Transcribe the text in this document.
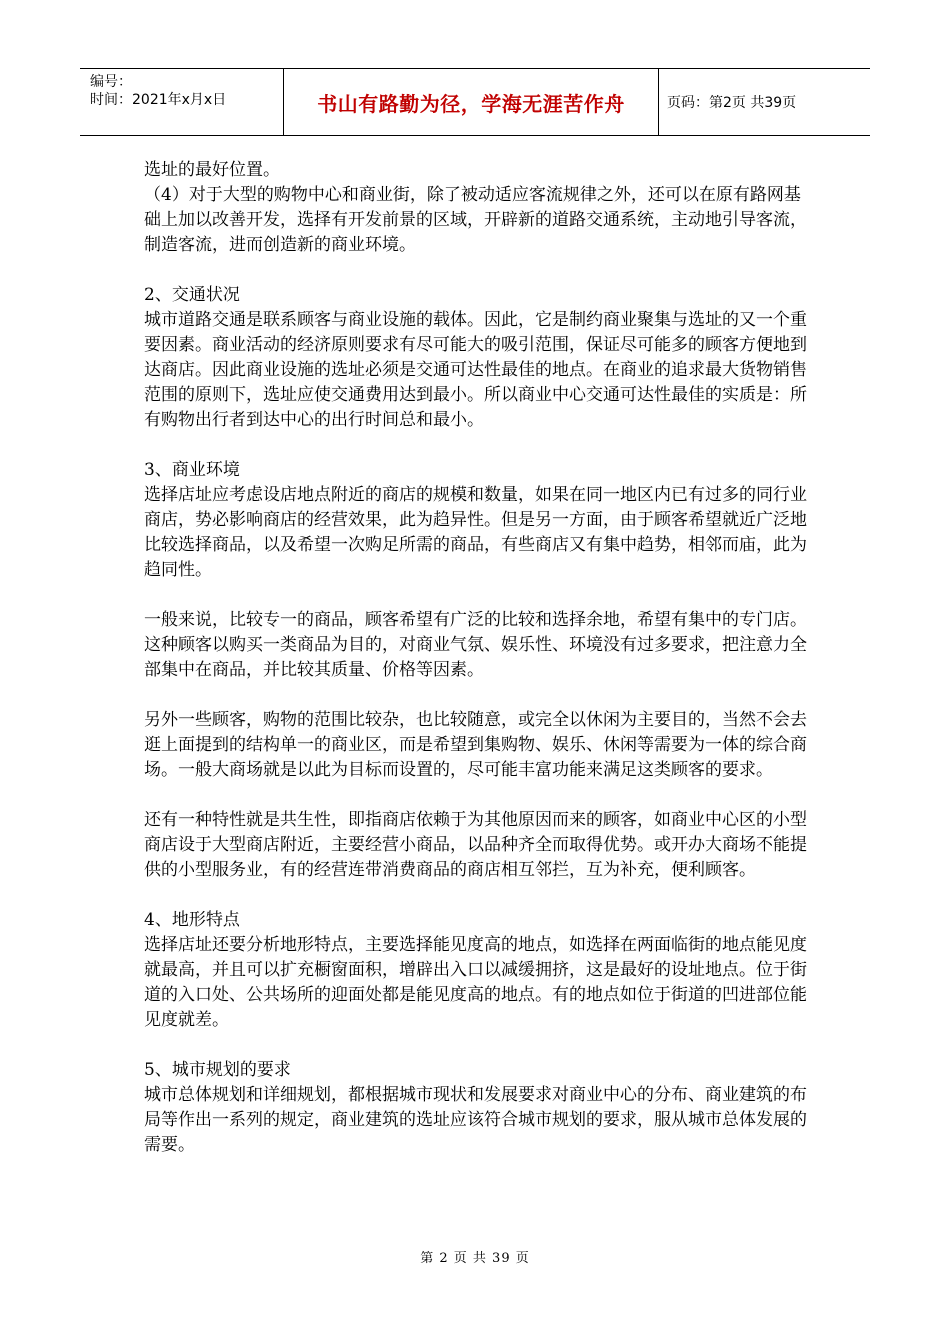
编号：
时间：2021年x月x日	书山有路勤为径，学海无涯苦作舟	页码：第2页 共39页

选址的最好位置。

（4）对于大型的购物中心和商业街，除了被动适应客流规律之外，还可以在原有路网基础上加以改善开发，选择有开发前景的区域，开辟新的道路交通系统，主动地引导客流，制造客流，进而创造新的商业环境。

2、交通状况

城市道路交通是联系顾客与商业设施的载体。因此，它是制约商业聚集与选址的又一个重要因素。商业活动的经济原则要求有尽可能大的吸引范围，保证尽可能多的顾客方便地到达商店。因此商业设施的选址必须是交通可达性最佳的地点。在商业的追求最大货物销售范围的原则下，选址应使交通费用达到最小。所以商业中心交通可达性最佳的实质是：所有购物出行者到达中心的出行时间总和最小。

3、商业环境

选择店址应考虑设店地点附近的商店的规模和数量，如果在同一地区内已有过多的同行业商店，势必影响商店的经营效果，此为趋异性。但是另一方面，由于顾客希望就近广泛地比较选择商品，以及希望一次购足所需的商品，有些商店又有集中趋势，相邻而庙，此为趋同性。

一般来说，比较专一的商品，顾客希望有广泛的比较和选择余地，希望有集中的专门店。这种顾客以购买一类商品为目的，对商业气氛、娱乐性、环境没有过多要求，把注意力全部集中在商品，并比较其质量、价格等因素。

另外一些顾客，购物的范围比较杂，也比较随意，或完全以休闲为主要目的，当然不会去逛上面提到的结构单一的商业区，而是希望到集购物、娱乐、休闲等需要为一体的综合商场。一般大商场就是以此为目标而设置的，尽可能丰富功能来满足这类顾客的要求。

还有一种特性就是共生性，即指商店依赖于为其他原因而来的顾客，如商业中心区的小型商店设于大型商店附近，主要经营小商品，以品种齐全而取得优势。或开办大商场不能提供的小型服务业，有的经营连带消费商品的商店相互邻拦，互为补充，便利顾客。

4、地形特点

选择店址还要分析地形特点，主要选择能见度高的地点，如选择在两面临街的地点能见度就最高，并且可以扩充橱窗面积，增辟出入口以减缓拥挤，这是最好的设址地点。位于街道的入口处、公共场所的迎面处都是能见度高的地点。有的地点如位于街道的凹进部位能见度就差。

5、城市规划的要求

城市总体规划和详细规划，都根据城市现状和发展要求对商业中心的分布、商业建筑的布局等作出一系列的规定，商业建筑的选址应该符合城市规划的要求，服从城市总体发展的需要。

第 2 页 共 39 页
